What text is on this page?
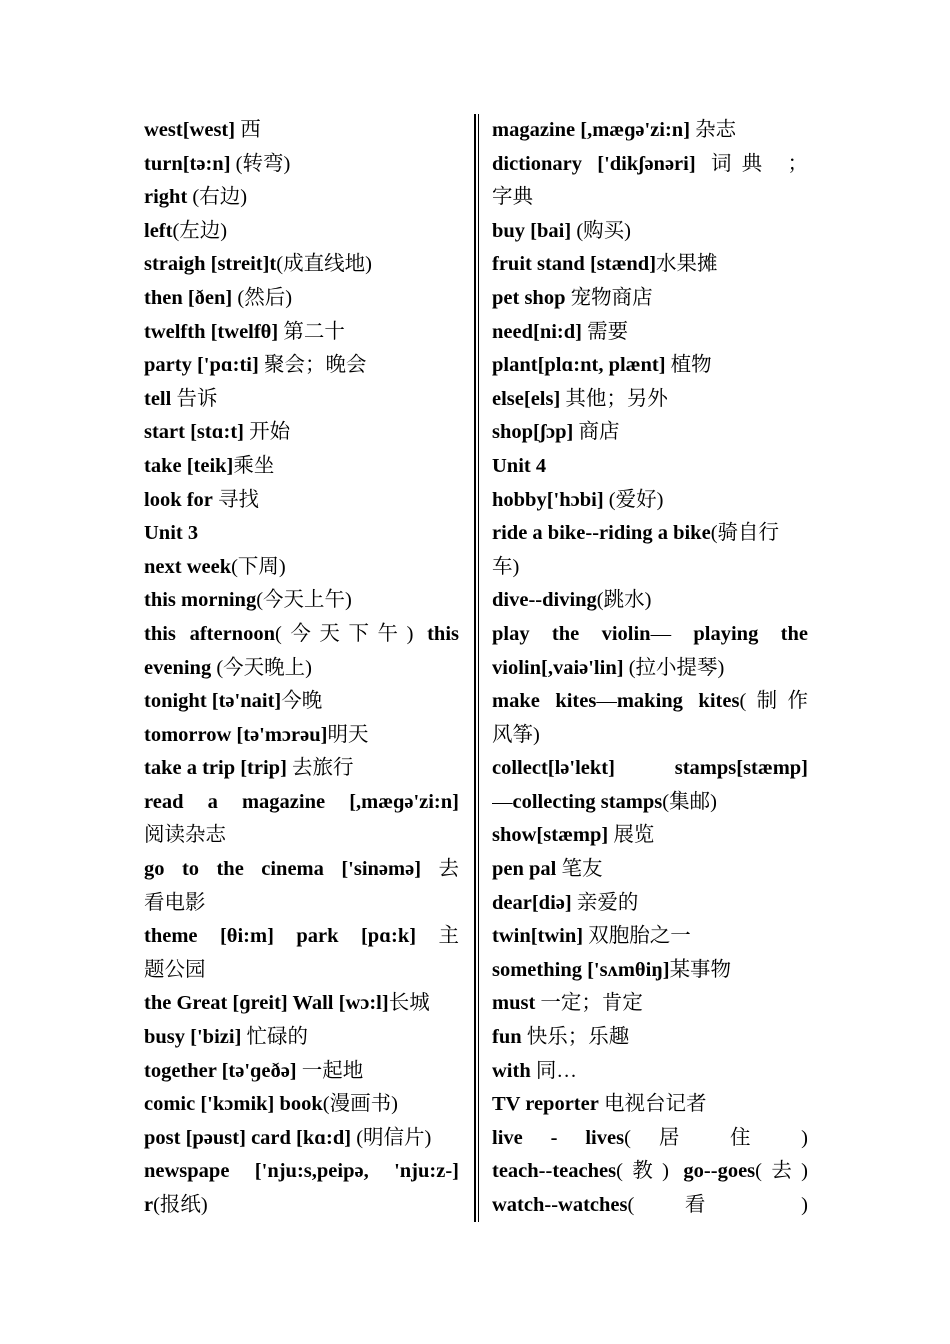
west[west] 西
turn[tə:n] (转弯)
right (右边)
left(左边)
straigh [streit]t(成直线地)
then [ðen] (然后)
twelfth [twelfθ] 第二十
party ['pɑ:ti] 聚会；晚会
tell 告诉
start [stɑ:t] 开始
take [teik]乘坐
look for 寻找
Unit 3
next week(下周)
this morning(今天上午)
this afternoon(今天下午) this
evening (今天晚上)
tonight [tə'nait]今晚
tomorrow [tə'mɔrəu]明天
take a trip [trip] 去旅行
read a magazine [,mæɡə'zi:n]
阅读杂志
go to the cinema ['sinəmə] 去
看电影
theme [θi:m] park [pɑ:k] 主
题公园
the Great [ɡreit] Wall [wɔ:l]长城
busy ['bizi] 忙碌的
together [tə'ɡeðə] 一起地
comic ['kɔmik] book(漫画书)
post [pəust] card [kɑ:d] (明信片)
newspape ['nju:s,peipə, 'nju:z-]
r(报纸)
magazine [,mæɡə'zi:n] 杂志
dictionary ['dikʃənəri] 词典 ；
字典
buy [bai] (购买)
fruit stand [stænd]水果摊
pet shop 宠物商店
need[ni:d] 需要
plant[plɑ:nt, plænt] 植物
else[els] 其他；另外
shop[ʃɔp] 商店
Unit 4
hobby['hɔbi] (爱好)
ride a bike--riding a bike(骑自行
车)
dive--diving(跳水)
play the violin— playing the
violin[,vaiə'lin] (拉小提琴)
make kites—making kites(制作
风筝)
collect[lə'lekt] stamps[stæmp]
—collecting stamps(集邮)
show[stæmp] 展览
pen pal 笔友
dear[diə] 亲爱的
twin[twin] 双胞胎之一
something ['sʌmθiŋ]某事物
must 一定；肯定
fun 快乐；乐趣
with 同…
TV reporter 电视台记者
live - lives( 居 住 )
teach--teaches(教) go--goes(去)
watch--watches( 看 )
